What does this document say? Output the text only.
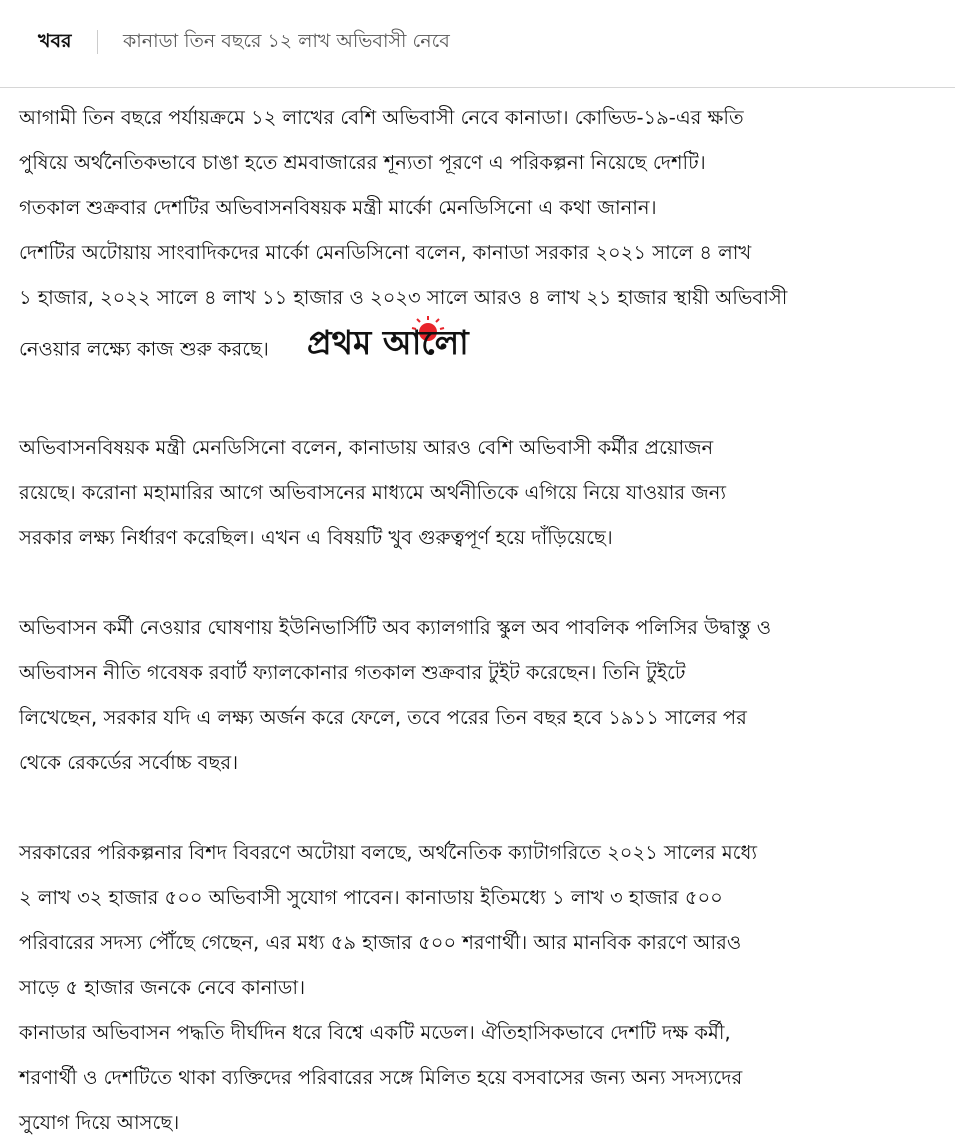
খবর	কানাডা তিন বছরে ১২ লাখ অভিবাসী নেবে

আগামী তিন বছরে পর্যায়ক্রমে ১২ লাখের বেশি অভিবাসী নেবে কানাডা। কোভিড-১৯-এর ক্ষতি

পুষিয়ে অর্থনৈতিকভাবে চাঙা হতে শ্রমবাজারের শূন্যতা পূরণে এ পরিকল্পনা নিয়েছে দেশটি।

গতকাল শুক্রবার দেশটির অভিবাসনবিষয়ক মন্ত্রী মার্কো মেনডিসিনো এ কথা জানান।

দেশটির অটোয়ায় সাংবাদিকদের মার্কো মেনডিসিনো বলেন, কানাডা সরকার ২০২১ সালে ৪ লাখ

১ হাজার, ২০২২ সালে ৪ লাখ ১১ হাজার ও ২০২৩ সালে আরও ৪ লাখ ২১ হাজার স্থায়ী অভিবাসী

নেওয়ার লক্ষ্যে কাজ শুরু করছে। প্রথম আলো

অভিবাসনবিষয়ক মন্ত্রী মেনডিসিনো বলেন, কানাডায় আরও বেশি অভিবাসী কর্মীর প্রয়োজন

রয়েছে। করোনা মহামারির আগে অভিবাসনের মাধ্যমে অর্থনীতিকে এগিয়ে নিয়ে যাওয়ার জন্য

সরকার লক্ষ্য নির্ধারণ করেছিল। এখন এ বিষয়টি খুব গুরুত্বপূর্ণ হয়ে দাঁড়িয়েছে।

অভিবাসন কর্মী নেওয়ার ঘোষণায় ইউনিভার্সিটি অব ক্যালগারি স্কুল অব পাবলিক পলিসির উদ্বাস্তু ও

অভিবাসন নীতি গবেষক রবার্ট ফ্যালকোনার গতকাল শুক্রবার টুইট করেছেন। তিনি টুইটে

লিখেছেন, সরকার যদি এ লক্ষ্য অর্জন করে ফেলে, তবে পরের তিন বছর হবে ১৯১১ সালের পর

থেকে রেকর্ডের সর্বোচ্চ বছর।

সরকারের পরিকল্পনার বিশদ বিবরণে অটোয়া বলছে, অর্থনৈতিক ক্যাটাগরিতে ২০২১ সালের মধ্যে

২ লাখ ৩২ হাজার ৫০০ অভিবাসী সুযোগ পাবেন। কানাডায় ইতিমধ্যে ১ লাখ ৩ হাজার ৫০০

পরিবারের সদস্য পৌঁছে গেছেন, এর মধ্য ৫৯ হাজার ৫০০ শরণার্থী। আর মানবিক কারণে আরও

সাড়ে ৫ হাজার জনকে নেবে কানাডা।

কানাডার অভিবাসন পদ্ধতি দীর্ঘদিন ধরে বিশ্বে একটি মডেল। ঐতিহাসিকভাবে দেশটি দক্ষ কর্মী,

শরণার্থী ও দেশটিতে থাকা ব্যক্তিদের পরিবারের সঙ্গে মিলিত হয়ে বসবাসের জন্য অন্য সদস্যদের

সুযোগ দিয়ে আসছে।
